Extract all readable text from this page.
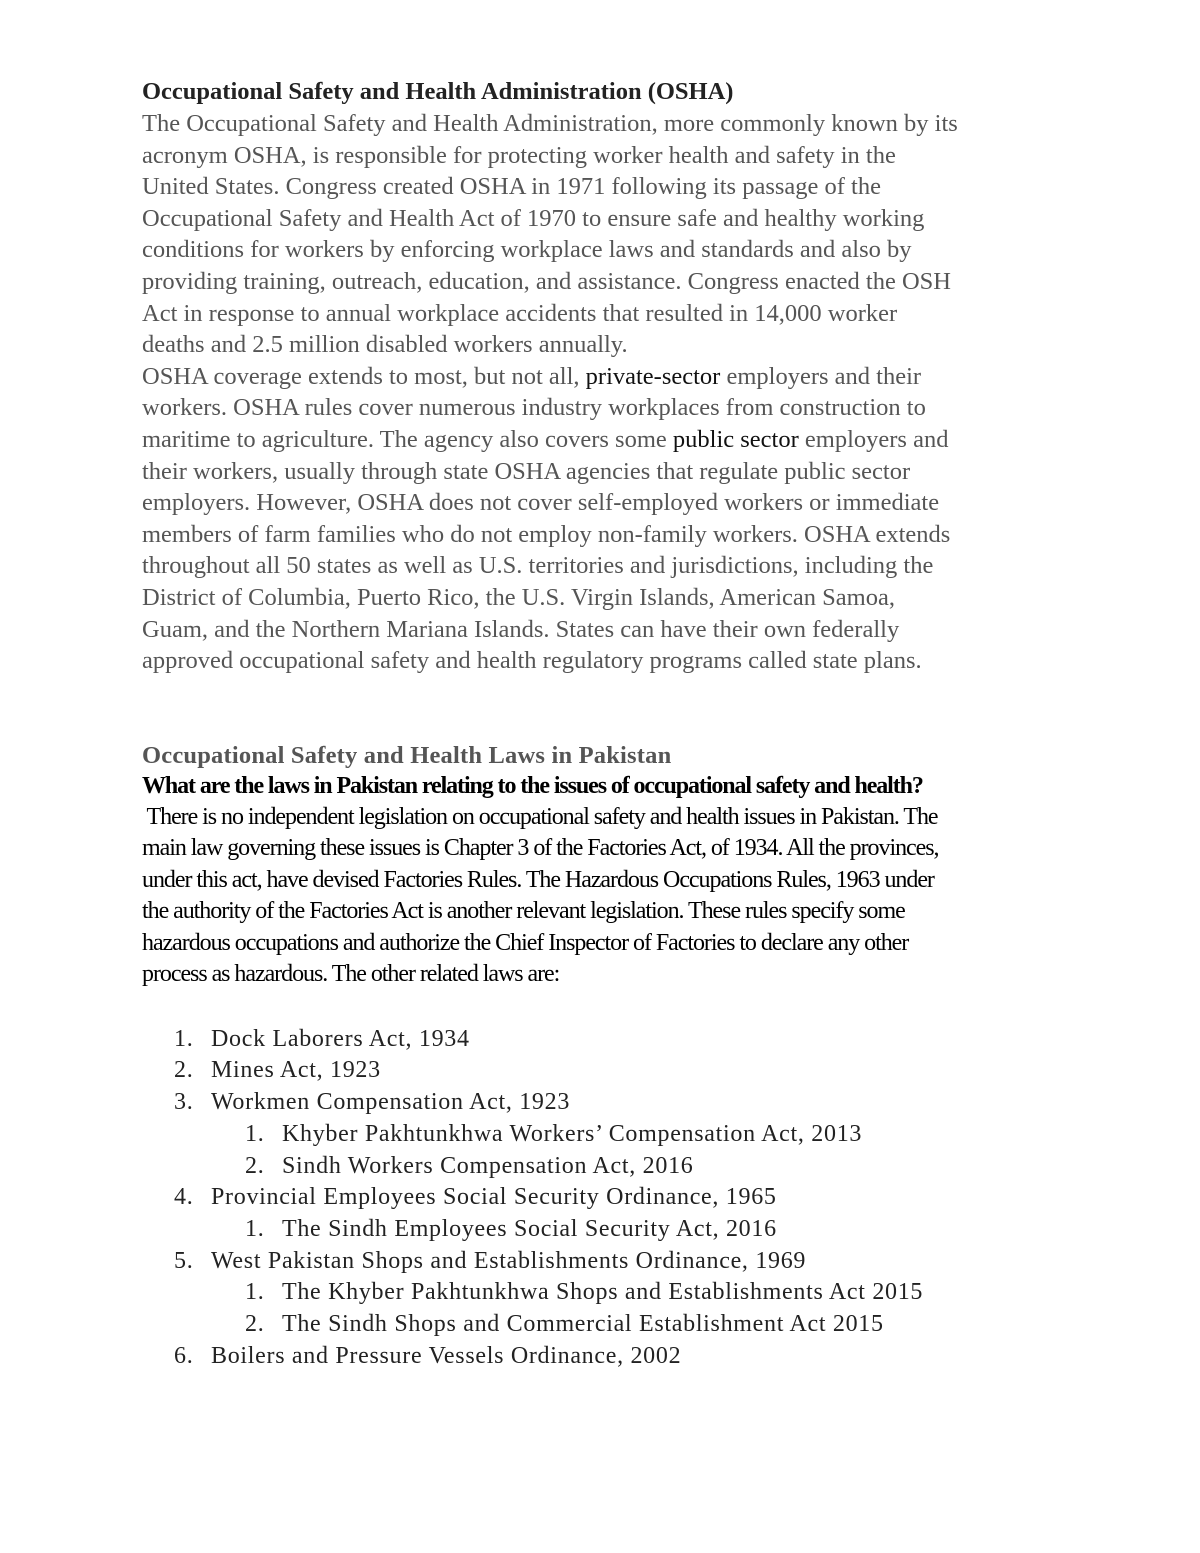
Occupational Safety and Health Administration (OSHA)

The Occupational Safety and Health Administration, more commonly known by its
acronym OSHA, is responsible for protecting worker health and safety in the
United States. Congress created OSHA in 1971 following its passage of the
Occupational Safety and Health Act of 1970 to ensure safe and healthy working
conditions for workers by enforcing workplace laws and standards and also by
providing training, outreach, education, and assistance. Congress enacted the OSH
Act in response to annual workplace accidents that resulted in 14,000 worker
deaths and 2.5 million disabled workers annually.
OSHA coverage extends to most, but not all, private-sector employers and their
workers. OSHA rules cover numerous industry workplaces from construction to
maritime to agriculture. The agency also covers some public sector employers and
their workers, usually through state OSHA agencies that regulate public sector
employers. However, OSHA does not cover self-employed workers or immediate
members of farm families who do not employ non-family workers. OSHA extends
throughout all 50 states as well as U.S. territories and jurisdictions, including the
District of Columbia, Puerto Rico, the U.S. Virgin Islands, American Samoa,
Guam, and the Northern Mariana Islands. States can have their own federally
approved occupational safety and health regulatory programs called state plans.

Occupational Safety and Health Laws in Pakistan

What are the laws in Pakistan relating to the issues of occupational safety and health?

There is no independent legislation on occupational safety and health issues in Pakistan. The
main law governing these issues is Chapter 3 of the Factories Act, of 1934. All the provinces,
under this act, have devised Factories Rules. The Hazardous Occupations Rules, 1963 under
the authority of the Factories Act is another relevant legislation. These rules specify some
hazardous occupations and authorize the Chief Inspector of Factories to declare any other
process as hazardous. The other related laws are:
1. Dock Laborers Act, 1934
2. Mines Act, 1923
3. Workmen Compensation Act, 1923
1. Khyber Pakhtunkhwa Workers’ Compensation Act, 2013
2. Sindh Workers Compensation Act, 2016
4. Provincial Employees Social Security Ordinance, 1965
1. The Sindh Employees Social Security Act, 2016
5. West Pakistan Shops and Establishments Ordinance, 1969
1. The Khyber Pakhtunkhwa Shops and Establishments Act 2015
2. The Sindh Shops and Commercial Establishment Act 2015
6. Boilers and Pressure Vessels Ordinance, 2002
